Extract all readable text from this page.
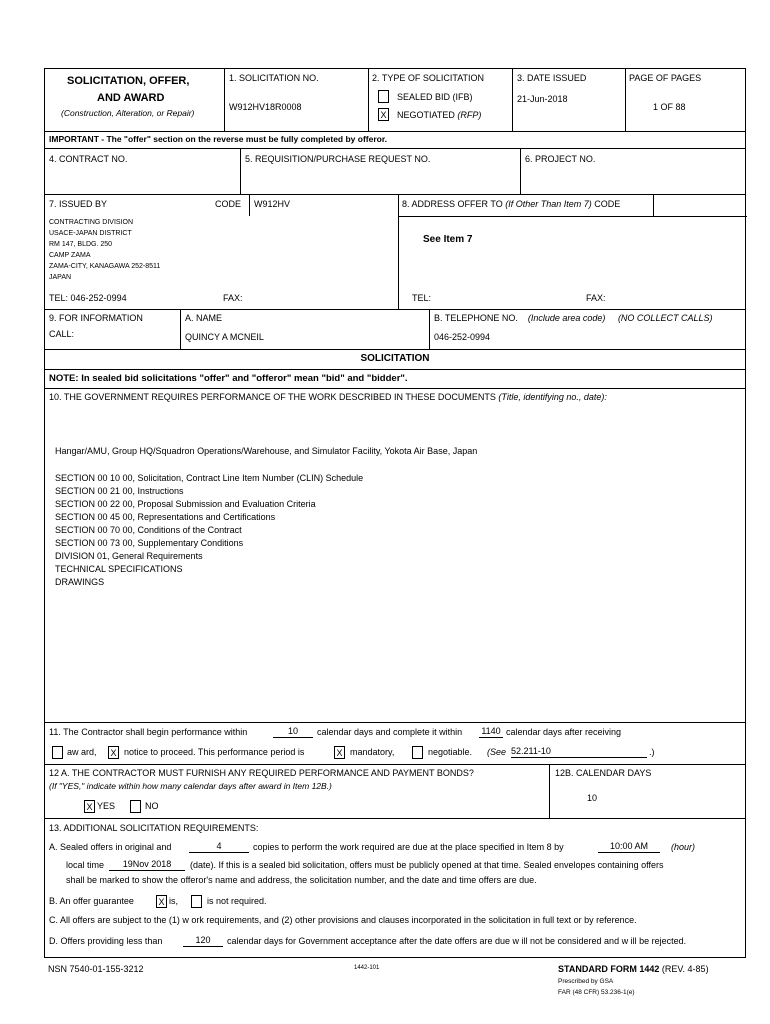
SOLICITATION, OFFER,
AND AWARD
(Construction, Alteration, or Repair)
1. SOLICITATION NO.
W912HV18R0008
2. TYPE OF SOLICITATION
SEALED BID (IFB)
X NEGOTIATED (RFP)
3. DATE ISSUED
21-Jun-2018
PAGE OF PAGES
1 OF 88
IMPORTANT - The "offer" section on the reverse must be fully completed by offeror.
4. CONTRACT NO.	5. REQUISITION/PURCHASE REQUEST NO.	6. PROJECT NO.
7. ISSUED BY	CODE W912HV
CONTRACTING DIVISION
USACE-JAPAN DISTRICT
RM 147, BLDG. 250
CAMP ZAMA
ZAMA-CITY, KANAGAWA 252-8511
JAPAN
TEL: 046-252-0994	FAX:
8. ADDRESS OFFER TO (If Other Than Item 7) CODE
See Item 7
TEL:	FAX:
9. FOR INFORMATION
CALL:
A. NAME
QUINCY A MCNEIL
B. TELEPHONE NO. (Include area code) (NO COLLECT CALLS)
046-252-0994
SOLICITATION
NOTE: In sealed bid solicitations "offer" and "offeror" mean "bid" and "bidder".
10. THE GOVERNMENT REQUIRES PERFORMANCE OF THE WORK DESCRIBED IN THESE DOCUMENTS (Title, identifying no., date):
Hangar/AMU, Group HQ/Squadron Operations/Warehouse, and Simulator Facility, Yokota Air Base, Japan
SECTION 00 10 00, Solicitation, Contract Line Item Number (CLIN) Schedule
SECTION 00 21 00, Instructions
SECTION 00 22 00, Proposal Submission and Evaluation Criteria
SECTION 00 45 00, Representations and Certifications
SECTION 00 70 00, Conditions of the Contract
SECTION 00 73 00, Supplementary Conditions
DIVISION 01, General Requirements
TECHNICAL SPECIFICATIONS
DRAWINGS
11. The Contractor shall begin performance within	10	calendar days and complete it within 1140 calendar days after receiving
aw ard, X notice to proceed. This performance period is	X mandatory,	negotiable. (See 52.211-10	.)
12 A. THE CONTRACTOR MUST FURNISH ANY REQUIRED PERFORMANCE AND PAYMENT BONDS?
(If "YES," indicate within how many calendar days after award in Item 12B.)
X YES	NO
12B. CALENDAR DAYS
10
13. ADDITIONAL SOLICITATION REQUIREMENTS:
A. Sealed offers in original and	4	copies to perform the work required are due at the place specified in Item 8 by	10:00 AM	(hour)
local time	19Nov 2018	(date). If this is a sealed bid solicitation, offers must be publicly opened at that time. Sealed envelopes containing offers
shall be marked to show the offeror's name and address, the solicitation number, and the date and time offers are due.
B. An offer guarantee	X is,	is not required.
C. All offers are subject to the (1) w ork requirements, and (2) other provisions and clauses incorporated in the solicitation in full text or by reference.
D. Offers providing less than	120	calendar days for Government acceptance after the date offers are due w ill not be considered and w ill be rejected.
NSN 7540-01-155-3212	1442-101	STANDARD FORM 1442 (REV. 4-85)
Prescribed by GSA
FAR (48 CFR) 53.236-1(e)
